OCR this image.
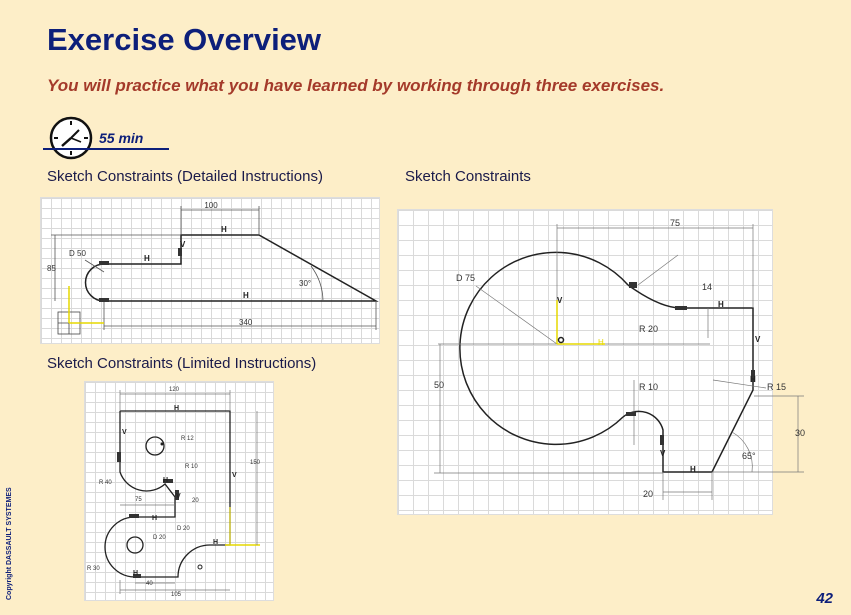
Exercise Overview
You will practice what you have learned by working through three exercises.
55 min
Sketch Constraints (Detailed Instructions)	Sketch Constraints
Sketch Constraints (Limited Instructions)
100
D 50
85
30°
340
H
V
H
H
75
D 75
14
R 20
50	R 10	R 15
30
65°
20
H
H
H
V
V
V
H
120
R 12
R 10
150
R 40
75	20
D 20
D 20
R 30
40
105
H
V
V
H
V
H
H
H
Copyright DASSAULT SYSTEMES	42
